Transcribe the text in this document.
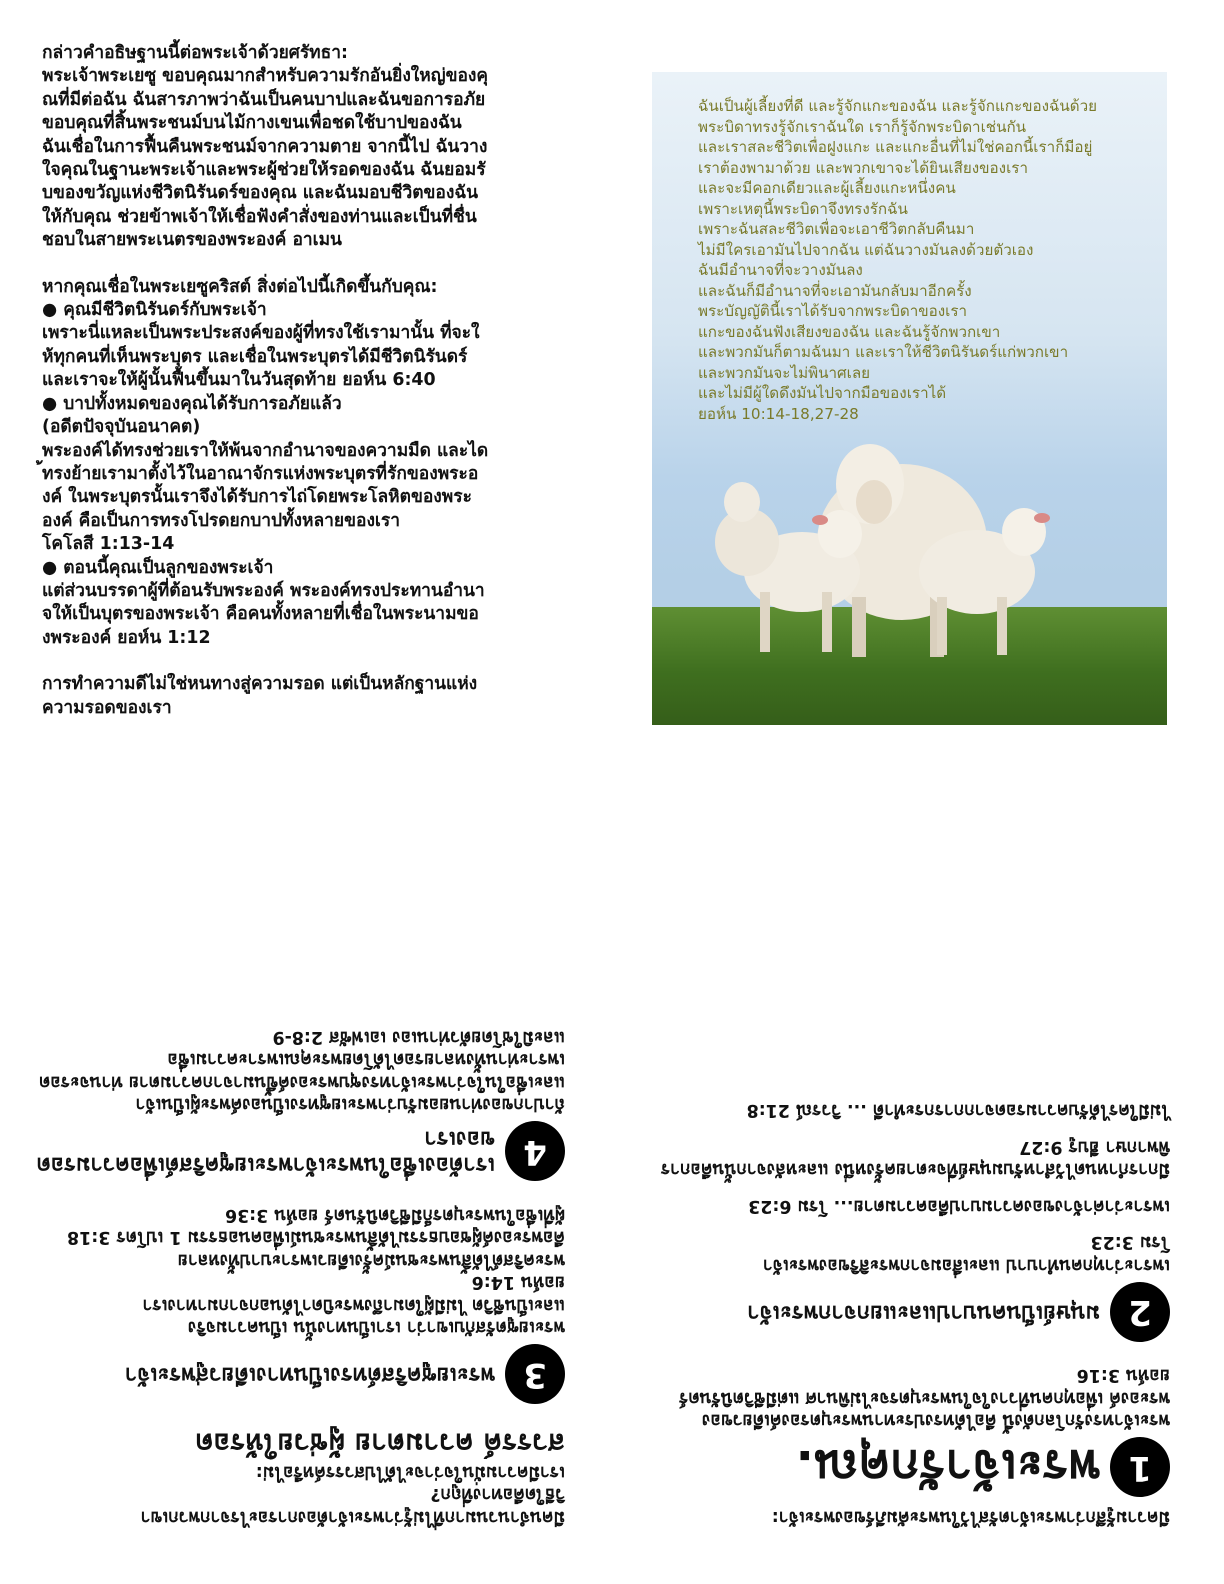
กล่าวคำอธิษฐานนี้ต่อพระเจ้าด้วยศรัทธา:

พระเจ้าพระเยซู ขอบคุณมากสำหรับความรักอันยิ่งใหญ่ของคุ

ณที่มีต่อฉัน ฉันสารภาพว่าฉันเป็นคนบาปและฉันขอการอภัย

ขอบคุณที่สิ้นพระชนม์บนไม้กางเขนเพื่อชดใช้บาปของฉัน

ฉันเชื่อในการฟื้นคืนพระชนม์จากความตาย จากนี้ไป ฉันวาง

ใจคุณในฐานะพระเจ้าและพระผู้ช่วยให้รอดของฉัน ฉันยอมรั

บของขวัญแห่งชีวิตนิรันดร์ของคุณ และฉันมอบชีวิตของฉัน

ให้กับคุณ ช่วยข้าพเจ้าให้เชื่อฟังคำสั่งของท่านและเป็นที่ชื่น

ชอบในสายพระเนตรของพระองค์ อาเมน

หากคุณเชื่อในพระเยซูคริสต์ สิ่งต่อไปนี้เกิดขึ้นกับคุณ:

● คุณมีชีวิตนิรันดร์กับพระเจ้า

เพราะนี่แหละเป็นพระประสงค์ของผู้ที่ทรงใช้เรามานั้น ที่จะใ

ห้ทุกคนที่เห็นพระบุตร และเชื่อในพระบุตรได้มีชีวิตนิรันดร์

และเราจะให้ผู้นั้นฟื้นขึ้นมาในวันสุดท้าย ยอห์น 6:40

● บาปทั้งหมดของคุณได้รับการอภัยแล้ว

(อดีตปัจจุบันอนาคต)

พระองค์ได้ทรงช่วยเราให้พ้นจากอำนาจของความมืด และได

้ทรงย้ายเรามาตั้งไว้ในอาณาจักรแห่งพระบุตรที่รักของพระอ

งค์ ในพระบุตรนั้นเราจึงได้รับการไถ่โดยพระโลหิตของพระ

องค์ คือเป็นการทรงโปรดยกบาปทั้งหลายของเรา

โคโลสี 1:13-14

● ตอนนี้คุณเป็นลูกของพระเจ้า

แต่ส่วนบรรดาผู้ที่ต้อนรับพระองค์ พระองค์ทรงประทานอำนา

จให้เป็นบุตรของพระเจ้า คือคนทั้งหลายที่เชื่อในพระนามขอ

งพระองค์ ยอห์น 1:12

การทำความดีไม่ใช่หนทางสู่ความรอด แต่เป็นหลักฐานแห่ง

ความรอดของเรา

ฉันเป็นผู้เลี้ยงที่ดี และรู้จักแกะของฉัน และรู้จักแกะของฉันด้วย
พระบิดาทรงรู้จักเราฉันใด เราก็รู้จักพระบิดาเช่นกัน
และเราสละชีวิตเพื่อฝูงแกะ และแกะอื่นที่ไม่ใช่คอกนี้เราก็มีอยู่
เราต้องพามาด้วย และพวกเขาจะได้ยินเสียงของเรา
และจะมีคอกเดียวและผู้เลี้ยงแกะหนึ่งคน
เพราะเหตุนี้พระบิดาจึงทรงรักฉัน
เพราะฉันสละชีวิตเพื่อจะเอาชีวิตกลับคืนมา
ไม่มีใครเอามันไปจากฉัน แต่ฉันวางมันลงด้วยตัวเอง
ฉันมีอำนาจที่จะวางมันลง
และฉันก็มีอำนาจที่จะเอามันกลับมาอีกครั้ง
พระบัญญัตินี้เราได้รับจากพระบิดาของเรา
แกะของฉันฟังเสียงของฉัน และฉันรู้จักพวกเขา
และพวกมันก็ตามฉันมา และเราให้ชีวิตนิรันดร์แก่พวกเขา
และพวกมันจะไม่พินาศเลย
และไม่มีผู้ใดดึงมันไปจากมือของเราได้
ยอห์น 10:14-18,27-28

มีความรู้สึกว่าพระเจ้าตรัสไว้ในพระคัมภีร์ของพระเจ้า:

1
พระเจ้ารักคุณ.

พระเจ้าทรงรักโลกดังนี้ คือได้ทรงประทานพระบุตรองค์เดียวของ

พระองค์ เพื่อทุกคนที่วางใจในพระบุตรจะไม่พินาศ แต่มีชีวิตนิรันดร์

ยอห์น 3:16

2
มนุษย์เป็นคนบาปและแยกจากพระเจ้า

เพราะว่าทุกคนทำบาป และเสื่อมจากพระสิริของพระเจ้า

โรม 3:23

เพราะว่าค่าจ้างของความบาปคือความตาย... โรม 6:23

มีการกำหนดไว้สำหรับมนุษย์ที่จะตายครั้งหนึ่ง และหลังจากนั้นคือการพิพากษา ฮีบรู 9:27

ไม่มีใครได้รับความรอดจากการกระทำดี ... วิวรณ์ 21:8

มีคนจำนวนมากที่ไม่รู้ว่าพระเจ้าต้องการอะไรจากพวกเขา

วิธีใดคือทางที่ถูก?

เรามีความมั่นใจว่าจะได้ไปสวรรค์หรือไม่:

สวรรค์ ความตาย ผู้ช่วยให้รอด
3
พระเยซูคริสต์ทรงเป็นทางเดียวสู่พระเจ้า

พระเยซูตรัสกับเขาว่า เราเป็นทางนั้น เป็นความจริง

และเป็นชีวิต ไม่มีผู้ใดมาถึงพระบิดาได้นอกจากมาทางเรา

ยอห์น 14:6

พระคริสต์ได้สิ้นพระชนม์ครั้งเดียวเพราะบาปทั้งหลาย

คือพระองค์ผู้ชอบธรรมได้สิ้นพระชนม์เพื่อคนอธรรม 1 เปโตร 3:18

ผู้ที่เชื่อในพระบุตรก็มีชีวิตนิรันดร์ ยอห์น 3:36

4
เราต้องเชื่อในพระเจ้าพระเยซูคริสต์เพื่อความรอดของเรา

ถ้าปากของท่านยอมรับว่าพระเยซูทรงเป็นองค์พระผู้เป็นเจ้า

และเชื่อในใจว่าพระเจ้าทรงชุบพระองค์ขึ้นมาจากความตาย ท่านจะรอด

เพราะท่านทั้งหลายรอดได้โดยพระคุณเพราะความเชื่อ

และมิใช่โดยตัวท่านเอง เอเฟซัส 2:8-9
